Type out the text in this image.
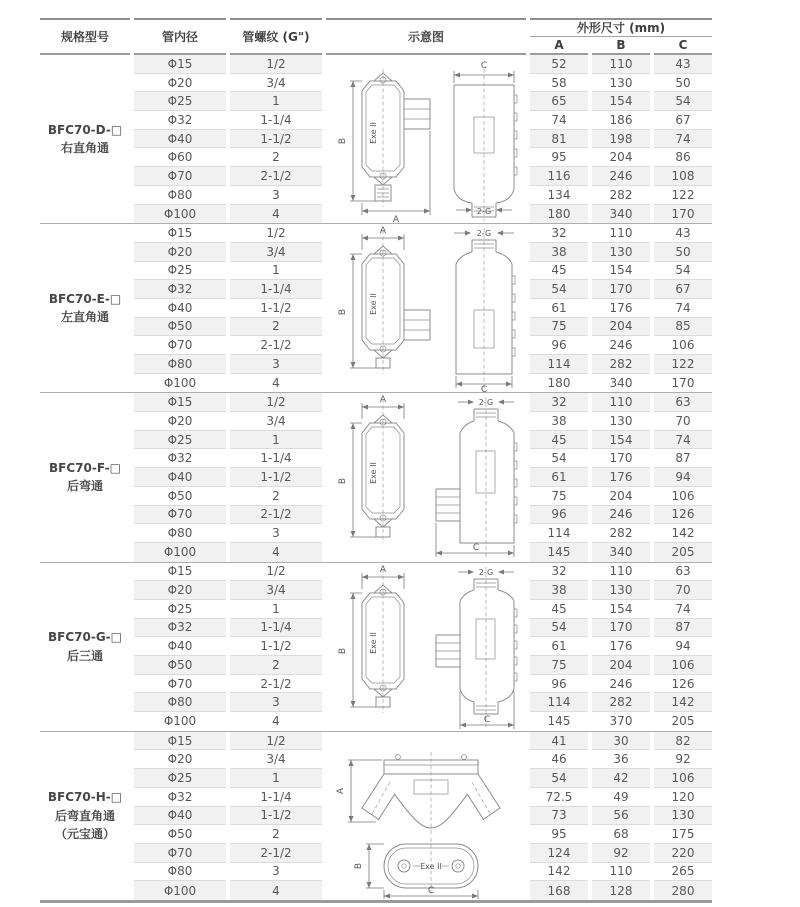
规格型号	管内径	管螺纹 (G")	示意图
外形尺寸 (mm)
A	B	C
BFC70-D-□
右直角通	B
A
Exe II
C
2-G
Φ15	1/2	52	110	43
Φ20	3/4	58	130	50
Φ25	1	65	154	54
Φ32	1-1/4	74	186	67
Φ40	1-1/2	81	198	74
Φ60	2	95	204	86
Φ70	2-1/2	116	246	108
Φ80	3	134	282	122
Φ100	4	180	340	170
BFC70-E-□
左直角通
A
B	Exe II
2-G
C
Φ15	1/2	32	110	43
Φ20	3/4	38	130	50
Φ25	1	45	154	54
Φ32	1-1/4	54	170	67
Φ40	1-1/2	61	176	74
Φ50	2	75	204	85
Φ70	2-1/2	96	246	106
Φ80	3	114	282	122
Φ100	4	180	340	170
BFC70-F-□
后弯通
A
B	Exe II
2-G
C
Φ15	1/2	32	110	63
Φ20	3/4	38	130	70
Φ25	1	45	154	74
Φ32	1-1/4	54	170	87
Φ40	1-1/2	61	176	94
Φ50	2	75	204	106
Φ70	2-1/2	96	246	126
Φ80	3	114	282	142
Φ100	4	145	340	205
BFC70-G-□
后三通
A
B	Exe II
2-G
C
Φ15	1/2	32	110	63
Φ20	3/4	38	130	70
Φ25	1	45	154	74
Φ32	1-1/4	54	170	87
Φ40	1-1/2	61	176	94
Φ50	2	75	204	106
Φ70	2-1/2	96	246	126
Φ80	3	114	282	142
Φ100	4	145	370	205
BFC70-H-□
后弯直角通
（元宝通）
A
Exe II
B
C
Φ15	1/2	41	30	82
Φ20	3/4	46	36	92
Φ25	1	54	42	106
Φ32	1-1/4	72.5	49	120
Φ40	1-1/2	73	56	130
Φ50	2	95	68	175
Φ70	2-1/2	124	92	220
Φ80	3	142	110	265
Φ100	4	168	128	280
